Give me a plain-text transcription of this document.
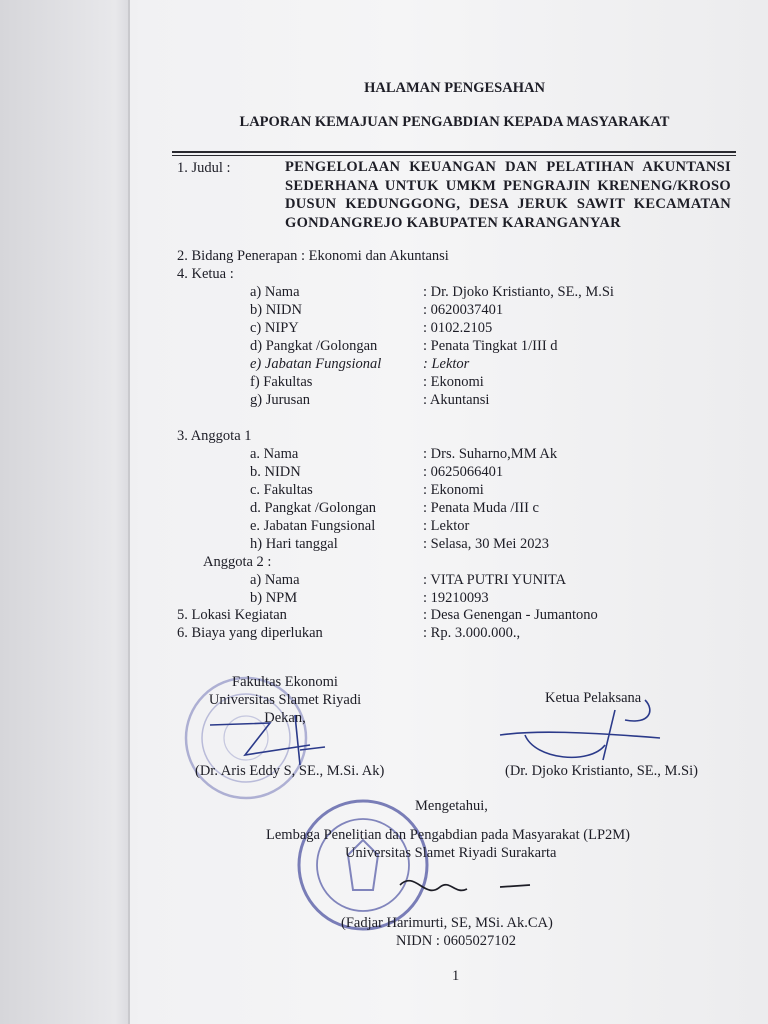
HALAMAN PENGESAHAN
LAPORAN KEMAJUAN PENGABDIAN KEPADA MASYARAKAT
1. Judul :	PENGELOLAAN KEUANGAN DAN PELATIHAN AKUNTANSI
SEDERHANA UNTUK UMKM PENGRAJIN KRENENG/KROSO
DUSUN KEDUNGGONG, DESA JERUK SAWIT KECAMATAN
GONDANGREJO KABUPATEN KARANGANYAR
2. Bidang Penerapan : Ekonomi dan Akuntansi
4. Ketua :
a) Nama	: Dr. Djoko Kristianto, SE., M.Si
b) NIDN	: 0620037401
c) NIPY	: 0102.2105
d) Pangkat /Golongan	: Penata Tingkat 1/III d
e) Jabatan Fungsional	: Lektor
f) Fakultas	: Ekonomi
g) Jurusan	: Akuntansi
3. Anggota 1
a. Nama	: Drs. Suharno,MM Ak
b. NIDN	: 0625066401
c. Fakultas	: Ekonomi
d. Pangkat /Golongan	: Penata Muda /III c
e. Jabatan Fungsional	: Lektor
h) Hari tanggal	: Selasa, 30 Mei 2023
Anggota 2 :
a) Nama	: VITA PUTRI YUNITA
b) NPM	: 19210093
5. Lokasi Kegiatan	: Desa Genengan - Jumantono
6. Biaya yang diperlukan	: Rp. 3.000.000.,
Fakultas Ekonomi
Universitas Slamet Riyadi
Dekan,
(Dr. Aris Eddy S, SE., M.Si. Ak)
Ketua Pelaksana
(Dr. Djoko Kristianto, SE., M.Si)
Mengetahui,
Lembaga Penelitian dan Pengabdian pada Masyarakat (LP2M)
Universitas Slamet Riyadi Surakarta
(Fadjar Harimurti, SE, MSi. Ak.CA)
NIDN : 0605027102
1
